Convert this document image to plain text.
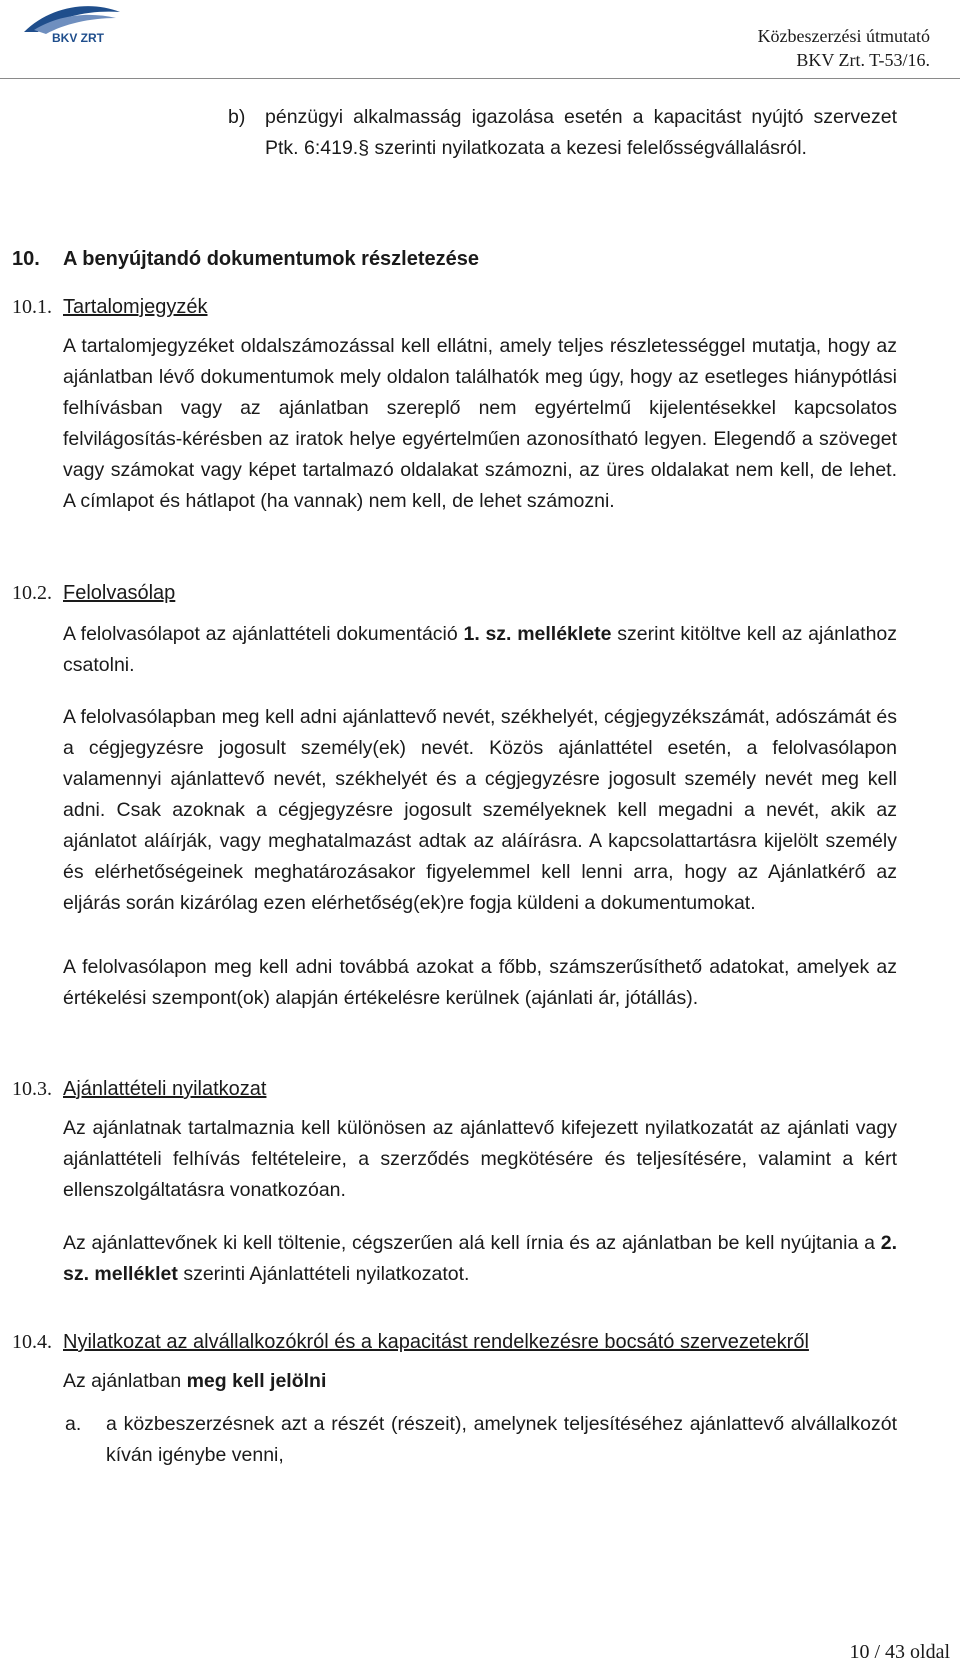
BKV ZRT	Közbeszerzési útmutató
BKV Zrt. T-53/16.
b)	pénzügyi alkalmasság igazolása esetén a kapacitást nyújtó szervezet Ptk. 6:419.§ szerinti nyilatkozata a kezesi felelősségvállalásról.
10. A benyújtandó dokumentumok részletezése
10.1. Tartalomjegyzék
A tartalomjegyzéket oldalszámozással kell ellátni, amely teljes részletességgel mutatja, hogy az ajánlatban lévő dokumentumok mely oldalon találhatók meg úgy, hogy az esetleges hiánypótlási felhívásban vagy az ajánlatban szereplő nem egyértelmű kijelentésekkel kapcsolatos felvilágosítás-kérésben az iratok helye egyértelműen azonosítható legyen. Elegendő a szöveget vagy számokat vagy képet tartalmazó oldalakat számozni, az üres oldalakat nem kell, de lehet. A címlapot és hátlapot (ha vannak) nem kell, de lehet számozni.
10.2. Felolvasólap
A felolvasólapot az ajánlattételi dokumentáció 1. sz. melléklete szerint kitöltve kell az ajánlathoz csatolni.
A felolvasólapban meg kell adni ajánlattevő nevét, székhelyét, cégjegyzékszámát, adószámát és a cégjegyzésre jogosult személy(ek) nevét. Közös ajánlattétel esetén, a felolvasólapon valamennyi ajánlattevő nevét, székhelyét és a cégjegyzésre jogosult személy nevét meg kell adni. Csak azoknak a cégjegyzésre jogosult személyeknek kell megadni a nevét, akik az ajánlatot aláírják, vagy meghatalmazást adtak az aláírásra. A kapcsolattartásra kijelölt személy és elérhetőségeinek meghatározásakor figyelemmel kell lenni arra, hogy az Ajánlatkérő az eljárás során kizárólag ezen elérhetőség(ek)re fogja küldeni a dokumentumokat.
A felolvasólapon meg kell adni továbbá azokat a főbb, számszerűsíthető adatokat, amelyek az értékelési szempont(ok) alapján értékelésre kerülnek (ajánlati ár, jótállás).
10.3. Ajánlattételi nyilatkozat
Az ajánlatnak tartalmaznia kell különösen az ajánlattevő kifejezett nyilatkozatát az ajánlati vagy ajánlattételi felhívás feltételeire, a szerződés megkötésére és teljesítésére, valamint a kért ellenszolgáltatásra vonatkozóan.
Az ajánlattevőnek ki kell töltenie, cégszerűen alá kell írnia és az ajánlatban be kell nyújtania a 2. sz. melléklet szerinti Ajánlattételi nyilatkozatot.
10.4. Nyilatkozat az alvállalkozókról és a kapacitást rendelkezésre bocsátó szervezetekről
Az ajánlatban meg kell jelölni
a.	a közbeszerzésnek azt a részét (részeit), amelynek teljesítéséhez ajánlattevő alvállalkozót kíván igénybe venni,
10 / 43 oldal
